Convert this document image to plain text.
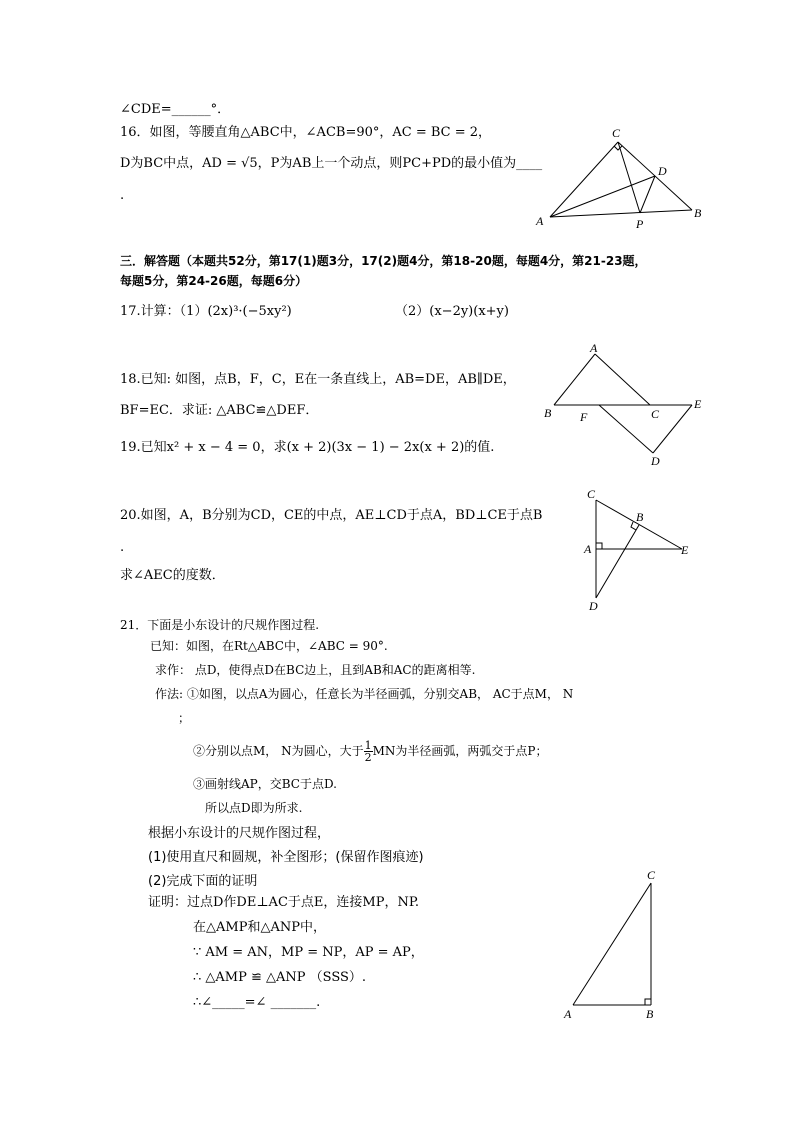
∠CDE=______°．
16．如图，等腰直角△ABC中，∠ACB=90°，AC = BC = 2，
D为BC中点，AD = √5，P为AB上一个动点，则PC+PD的最小值为____
.
C
D
A	P
B
三．解答题（本题共52分，第17(1)题3分，17(2)题4分，第18-20题，每题4分，第21-23题，
每题5分，第24-26题，每题6分）
17.计算：（1）(2x)³·(−5xy²)	（2）(x−2y)(x+y)
18.已知: 如图，点B，F，C，E在一条直线上，AB=DE，AB∥DE，
BF=EC．求证: △ABC≌△DEF．
A
B F	C
E
D
19.已知x² + x − 4 = 0，求(x + 2)(3x − 1) − 2x(x + 2)的值.
20.如图，A，B分别为CD，CE的中点，AE⊥CD于点A，BD⊥CE于点B
.
求∠AEC的度数．
C
B
A	E
D
21．下面是小东设计的尺规作图过程.
已知：如图，在Rt△ABC中，∠ABC = 90°.
求作： 点D，使得点D在BC边上，且到AB和AC的距离相等.
作法: ①如图，以点A为圆心，任意长为半径画弧，分别交AB， AC于点M， N
；
②分别以点M， N为圆心，大于 $\frac{1}{2}$ MN为半径画弧，两弧交于点P；
③画射线AP，交BC于点D.
所以点D即为所求.
根据小东设计的尺规作图过程，
(1)使用直尺和圆规，补全图形；(保留作图痕迹)
(2)完成下面的证明
证明：过点D作DE⊥AC于点E，连接MP，NP.
在△AMP和△ANP中，
∵ AM = AN，MP = NP，AP = AP，
∴ △AMP ≌ △ANP （SSS）.
∴∠_____=∠ _______.
C
A	B
